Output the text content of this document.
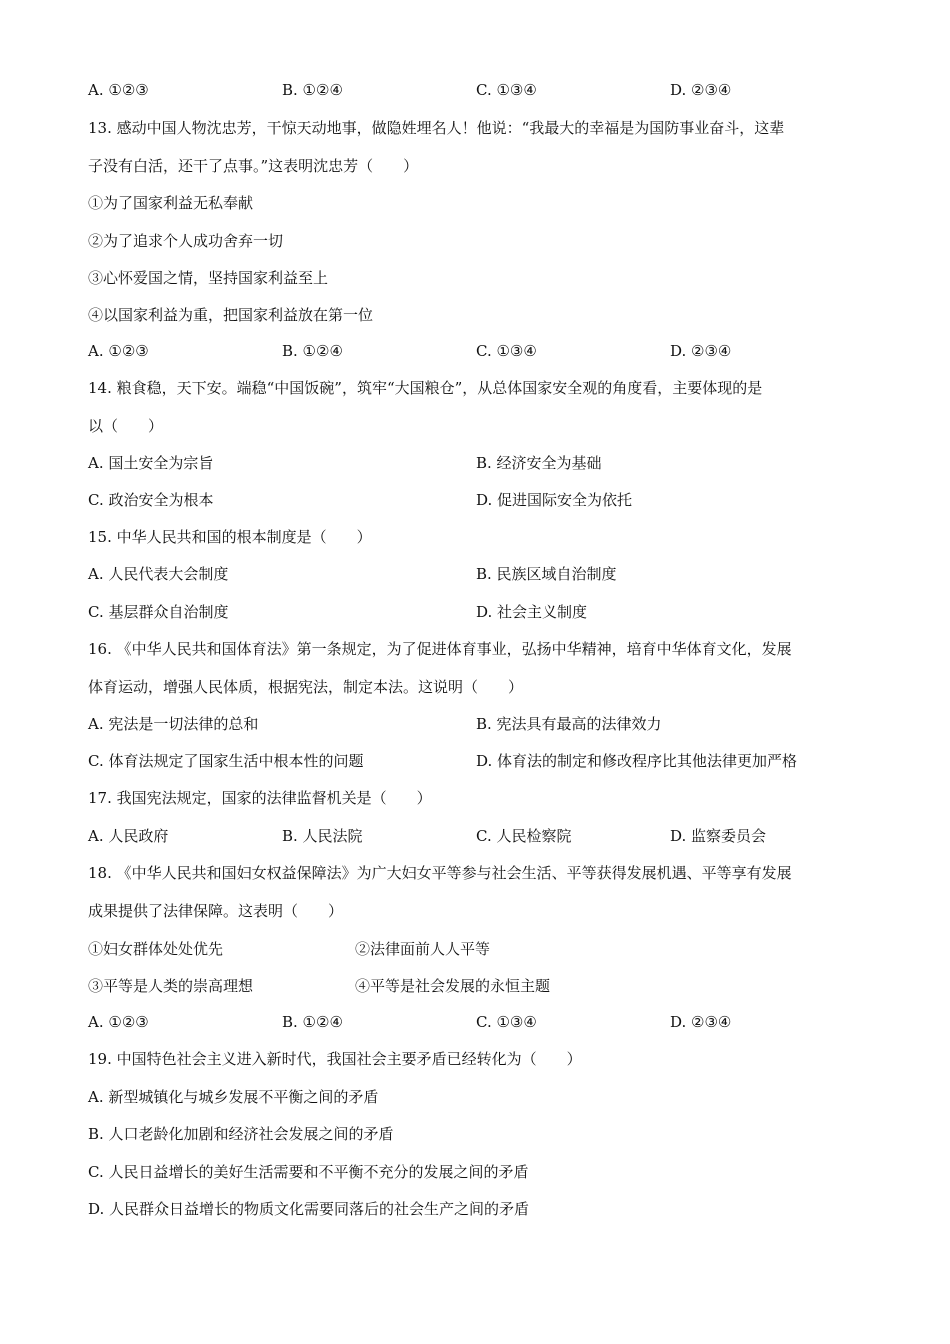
A. ①②③	B. ①②④	C. ①③④	D. ②③④
13. 感动中国人物沈忠芳，干惊天动地事，做隐姓埋名人！他说：“我最大的幸福是为国防事业奋斗，这辈
子没有白活，还干了点事。”这表明沈忠芳（　　）
①为了国家利益无私奉献
②为了追求个人成功舍弃一切
③心怀爱国之情，坚持国家利益至上
④以国家利益为重，把国家利益放在第一位
A. ①②③	B. ①②④	C. ①③④	D. ②③④
14. 粮食稳，天下安。端稳“中国饭碗”，筑牢“大国粮仓”，从总体国家安全观的角度看，主要体现的是
以（　　）
A. 国土安全为宗旨	B. 经济安全为基础
C. 政治安全为根本	D. 促进国际安全为依托
15. 中华人民共和国的根本制度是（　　）
A. 人民代表大会制度	B. 民族区域自治制度
C. 基层群众自治制度	D. 社会主义制度
16. 《中华人民共和国体育法》第一条规定，为了促进体育事业，弘扬中华精神，培育中华体育文化，发展
体育运动，增强人民体质，根据宪法，制定本法。这说明（　　）
A. 宪法是一切法律的总和	B. 宪法具有最高的法律效力
C. 体育法规定了国家生活中根本性的问题	D. 体育法的制定和修改程序比其他法律更加严格
17. 我国宪法规定，国家的法律监督机关是（　　）
A. 人民政府	B. 人民法院	C. 人民检察院	D. 监察委员会
18. 《中华人民共和国妇女权益保障法》为广大妇女平等参与社会生活、平等获得发展机遇、平等享有发展
成果提供了法律保障。这表明（　　）
①妇女群体处处优先	②法律面前人人平等
③平等是人类的崇高理想	④平等是社会发展的永恒主题
A. ①②③	B. ①②④	C. ①③④	D. ②③④
19. 中国特色社会主义进入新时代，我国社会主要矛盾已经转化为（　　）
A. 新型城镇化与城乡发展不平衡之间的矛盾
B. 人口老龄化加剧和经济社会发展之间的矛盾
C. 人民日益增长的美好生活需要和不平衡不充分的发展之间的矛盾
D. 人民群众日益增长的物质文化需要同落后的社会生产之间的矛盾
